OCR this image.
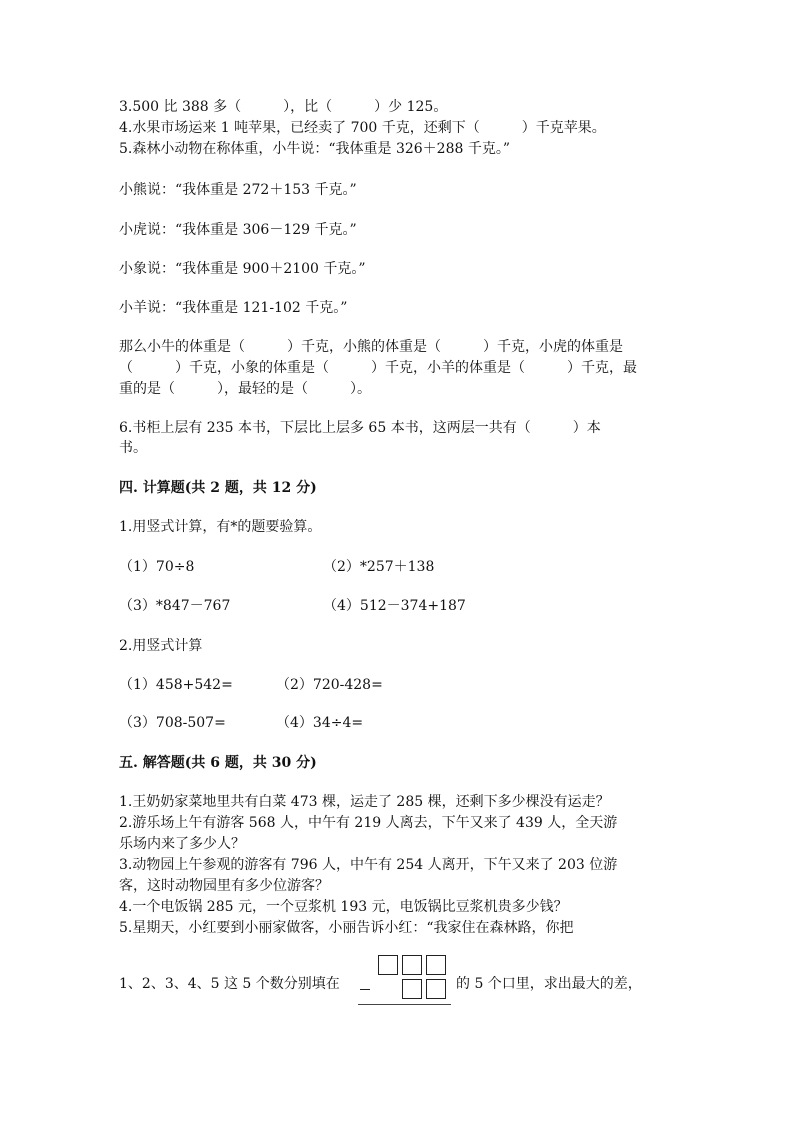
3.500 比 388 多（　　　），比（　　　）少 125。
4.水果市场运来 1 吨苹果，已经卖了 700 千克，还剩下（　　　）千克苹果。
5.森林小动物在称体重，小牛说：“我体重是 326＋288 千克。”
小熊说：“我体重是 272＋153 千克。”
小虎说：“我体重是 306－129 千克。”
小象说：“我体重是 900＋2100 千克。”
小羊说：“我体重是 121-102 千克。”
那么小牛的体重是（　　　）千克，小熊的体重是（　　　）千克，小虎的体重是
（　　　）千克，小象的体重是（　　　）千克，小羊的体重是（　　　）千克，最
重的是（　　　），最轻的是（　　　）。
6.书柜上层有 235 本书，下层比上层多 65 本书，这两层一共有（　　　）本
书。
四. 计算题(共 2 题，共 12 分)
1.用竖式计算，有*的题要验算。
（1）70÷8	（2）*257＋138
（3）*847－767	（4）512－374+187
2.用竖式计算
（1）458+542=	（2）720-428=
（3）708-507=	（4）34÷4=
五. 解答题(共 6 题，共 30 分)
1.王奶奶家菜地里共有白菜 473 棵，运走了 285 棵，还剩下多少棵没有运走？
2.游乐场上午有游客 568 人，中午有 219 人离去，下午又来了 439 人，全天游
乐场内来了多少人？
3.动物园上午参观的游客有 796 人，中午有 254 人离开，下午又来了 203 位游
客，这时动物园里有多少位游客？
4.一个电饭锅 285 元，一个豆浆机 193 元，电饭锅比豆浆机贵多少钱？
5.星期天，小红要到小丽家做客，小丽告诉小红：“我家住在森林路，你把
1、2、3、4、5 这 5 个数分别填在	的 5 个口里，求出最大的差，
